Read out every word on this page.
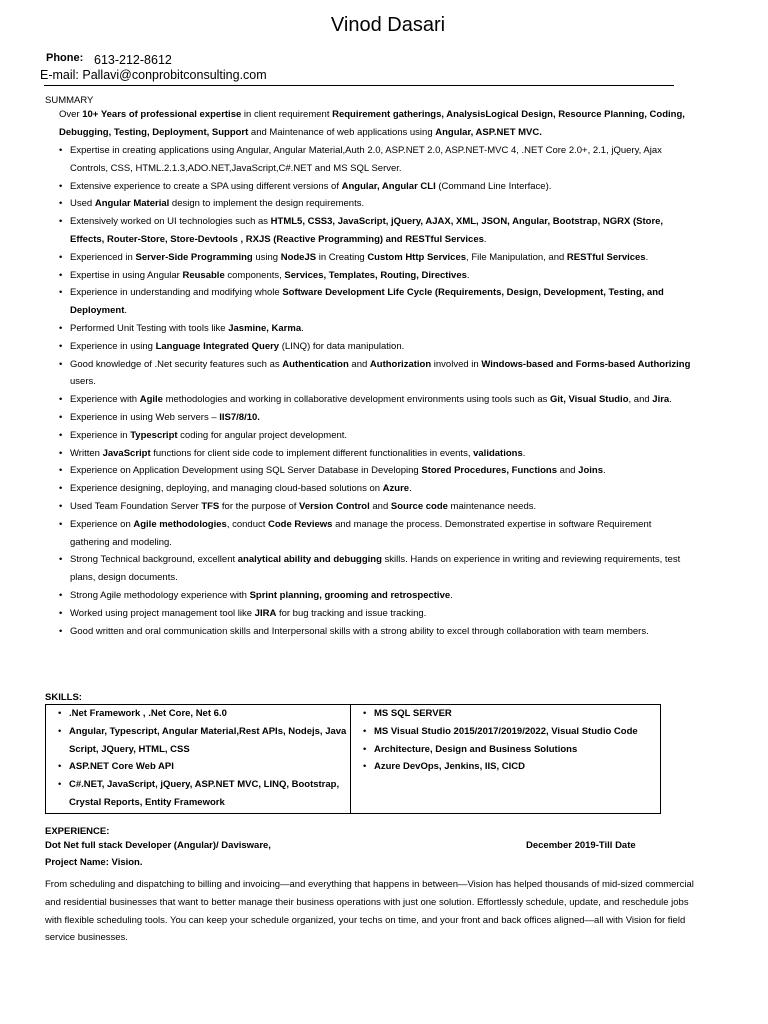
Vinod Dasari
Phone: 613-212-8612
E-mail: Pallavi@conprobitconsulting.com
SUMMARY
Over 10+ Years of professional expertise in client requirement Requirement gatherings, AnalysisLogical Design, Resource Planning, Coding, Debugging, Testing, Deployment, Support and Maintenance of web applications using Angular, ASP.NET MVC.
• Expertise in creating applications using Angular, Angular Material,Auth 2.0, ASP.NET 2.0, ASP.NET-MVC 4, .NET Core 2.0+, 2.1, jQuery, Ajax Controls, CSS, HTML.2.1.3,ADO.NET,JavaScript,C#.NET and MS SQL Server.
• Extensive experience to create a SPA using different versions of Angular, Angular CLI (Command Line Interface).
• Used Angular Material design to implement the design requirements.
• Extensively worked on UI technologies such as HTML5, CSS3, JavaScript, jQuery, AJAX, XML, JSON, Angular, Bootstrap, NGRX (Store, Effects, Router-Store, Store-Devtools , RXJS (Reactive Programming) and RESTful Services.
• Experienced in Server-Side Programming using NodeJS in Creating Custom Http Services, File Manipulation, and RESTful Services.
• Expertise in using Angular Reusable components, Services, Templates, Routing, Directives.
• Experience in understanding and modifying whole Software Development Life Cycle (Requirements, Design, Development, Testing, and Deployment.
• Performed Unit Testing with tools like Jasmine, Karma.
• Experience in using Language Integrated Query (LINQ) for data manipulation.
• Good knowledge of .Net security features such as Authentication and Authorization involved in Windows-based and Forms-based Authorizing users.
• Experience with Agile methodologies and working in collaborative development environments using tools such as Git, Visual Studio, and Jira.
• Experience in using Web servers – IIS7/8/10.
• Experience in Typescript coding for angular project development.
• Written JavaScript functions for client side code to implement different functionalities in events, validations.
• Experience on Application Development using SQL Server Database in Developing Stored Procedures, Functions and Joins.
• Experience designing, deploying, and managing cloud-based solutions on Azure.
• Used Team Foundation Server TFS for the purpose of Version Control and Source code maintenance needs.
• Experience on Agile methodologies, conduct Code Reviews and manage the process. Demonstrated expertise in software Requirement gathering and modeling.
• Strong Technical background, excellent analytical ability and debugging skills. Hands on experience in writing and reviewing requirements, test plans, design documents.
• Strong Agile methodology experience with Sprint planning, grooming and retrospective.
• Worked using project management tool like JIRA for bug tracking and issue tracking.
• Good written and oral communication skills and Interpersonal skills with a strong ability to excel through collaboration with team members.
SKILLS:
• .Net Framework , .Net Core, Net 6.0
• Angular, Typescript, Angular Material,Rest APIs, Nodejs, Java Script, JQuery, HTML, CSS
• ASP.NET Core Web API
• C#.NET, JavaScript, jQuery, ASP.NET MVC, LINQ, Bootstrap, Crystal Reports, Entity Framework

• MS SQL SERVER
• MS Visual Studio 2015/2017/2019/2022, Visual Studio Code
• Architecture, Design and Business Solutions
• Azure DevOps, Jenkins, IIS, CICD
EXPERIENCE:
Dot Net full stack Developer (Angular)/ Daviswarе,	December 2019-Till Date
Project Name: Vision.
From scheduling and dispatching to billing and invoicing—and everything that happens in between—Vision has helped thousands of mid-sized commercial and residential businesses that want to better manage their business operations with just one solution. Effortlessly schedule, update, and reschedule jobs with flexible scheduling tools. You can keep your schedule organized, your techs on time, and your front and back offices aligned—all with Vision for field service businesses.
